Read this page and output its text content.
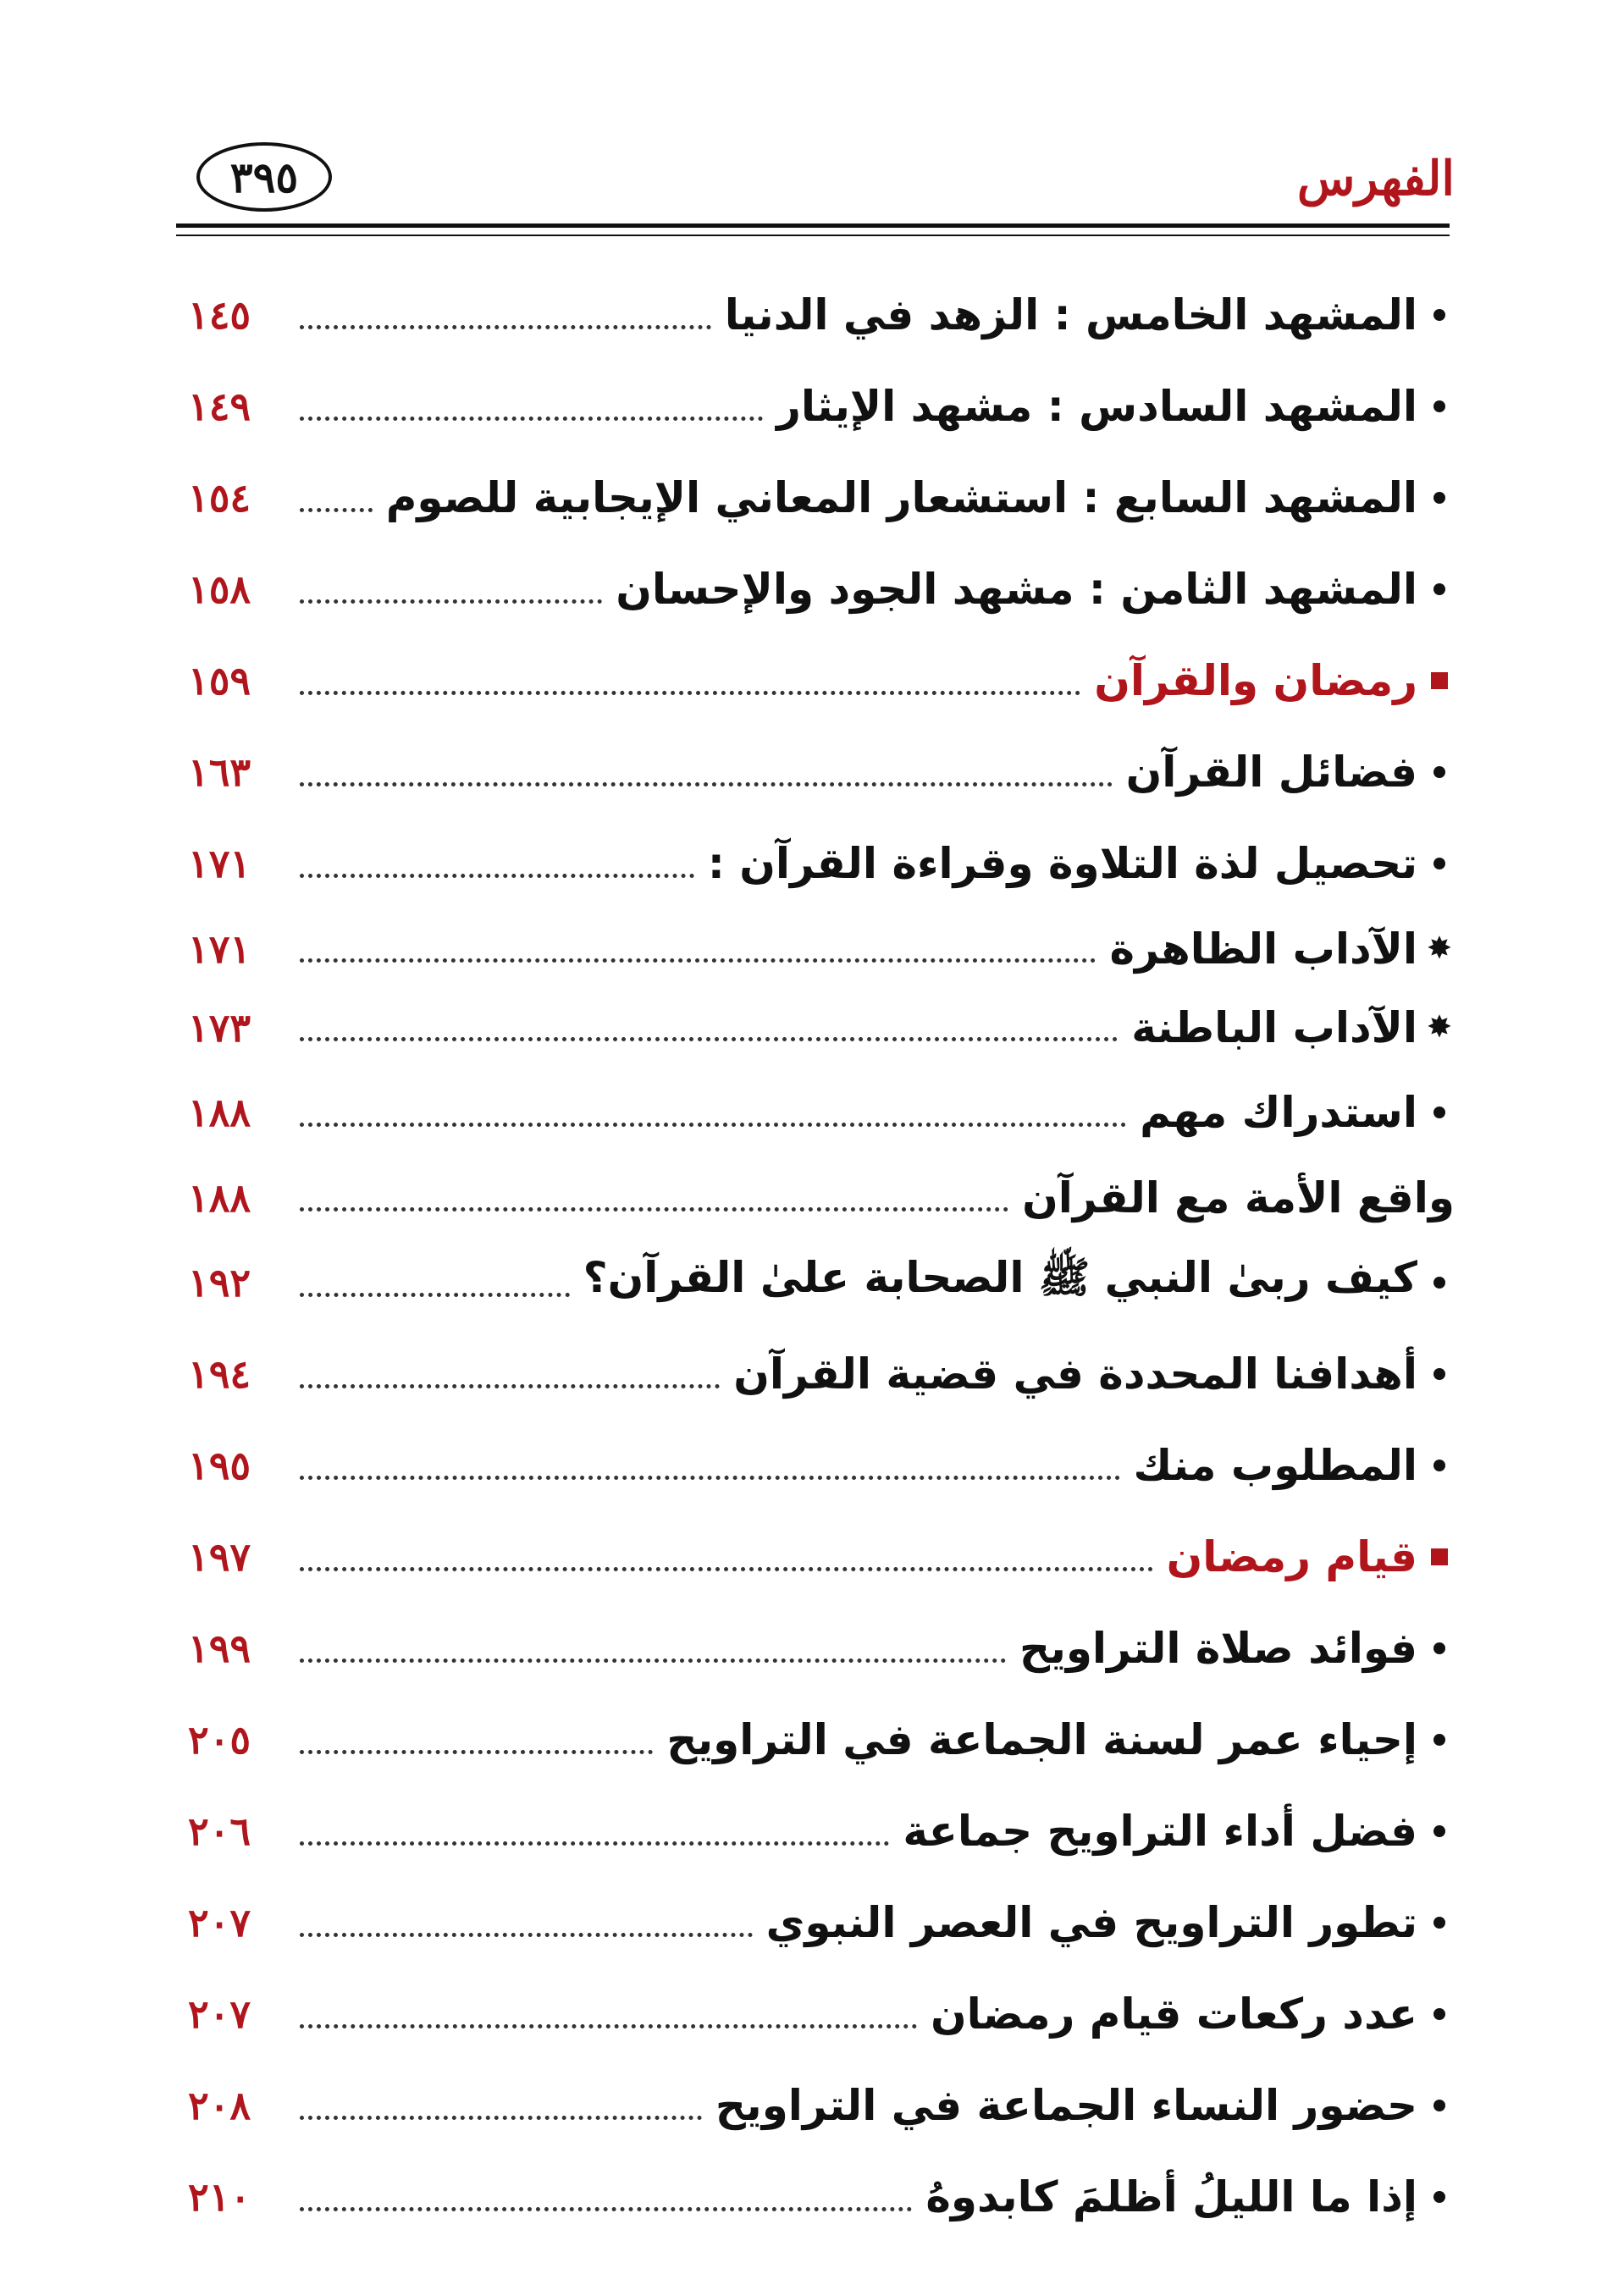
الفهرس
٣٩٥
المشهد الخامس : الزهد في الدنيا
١٤٥
المشهد السادس : مشهد الإيثار
١٤٩
المشهد السابع : استشعار المعاني الإيجابية للصوم
١٥٤
المشهد الثامن : مشهد الجود والإحسان
١٥٨
رمضان والقرآن
١٥٩
فضائل القرآن
١٦٣
تحصيل لذة التلاوة وقراءة القرآن :
١٧١
✸
الآداب الظاهرة
١٧١
✸
الآداب الباطنة
١٧٣
استدراك مهم
١٨٨
واقع الأمة مع القرآن
١٨٨
كيف ربىٰ النبي ﷺ الصحابة علىٰ القرآن؟
١٩٢
أهدافنا المحددة في قضية القرآن
١٩٤
المطلوب منك
١٩٥
قيام رمضان
١٩٧
فوائد صلاة التراويح
١٩٩
إحياء عمر لسنة الجماعة في التراويح
٢٠٥
فضل أداء التراويح جماعة
٢٠٦
تطور التراويح في العصر النبوي
٢٠٧
عدد ركعات قيام رمضان
٢٠٧
حضور النساء الجماعة في التراويح
٢٠٨
إذا ما الليلُ أظلمَ كابدوهُ
٢١٠
